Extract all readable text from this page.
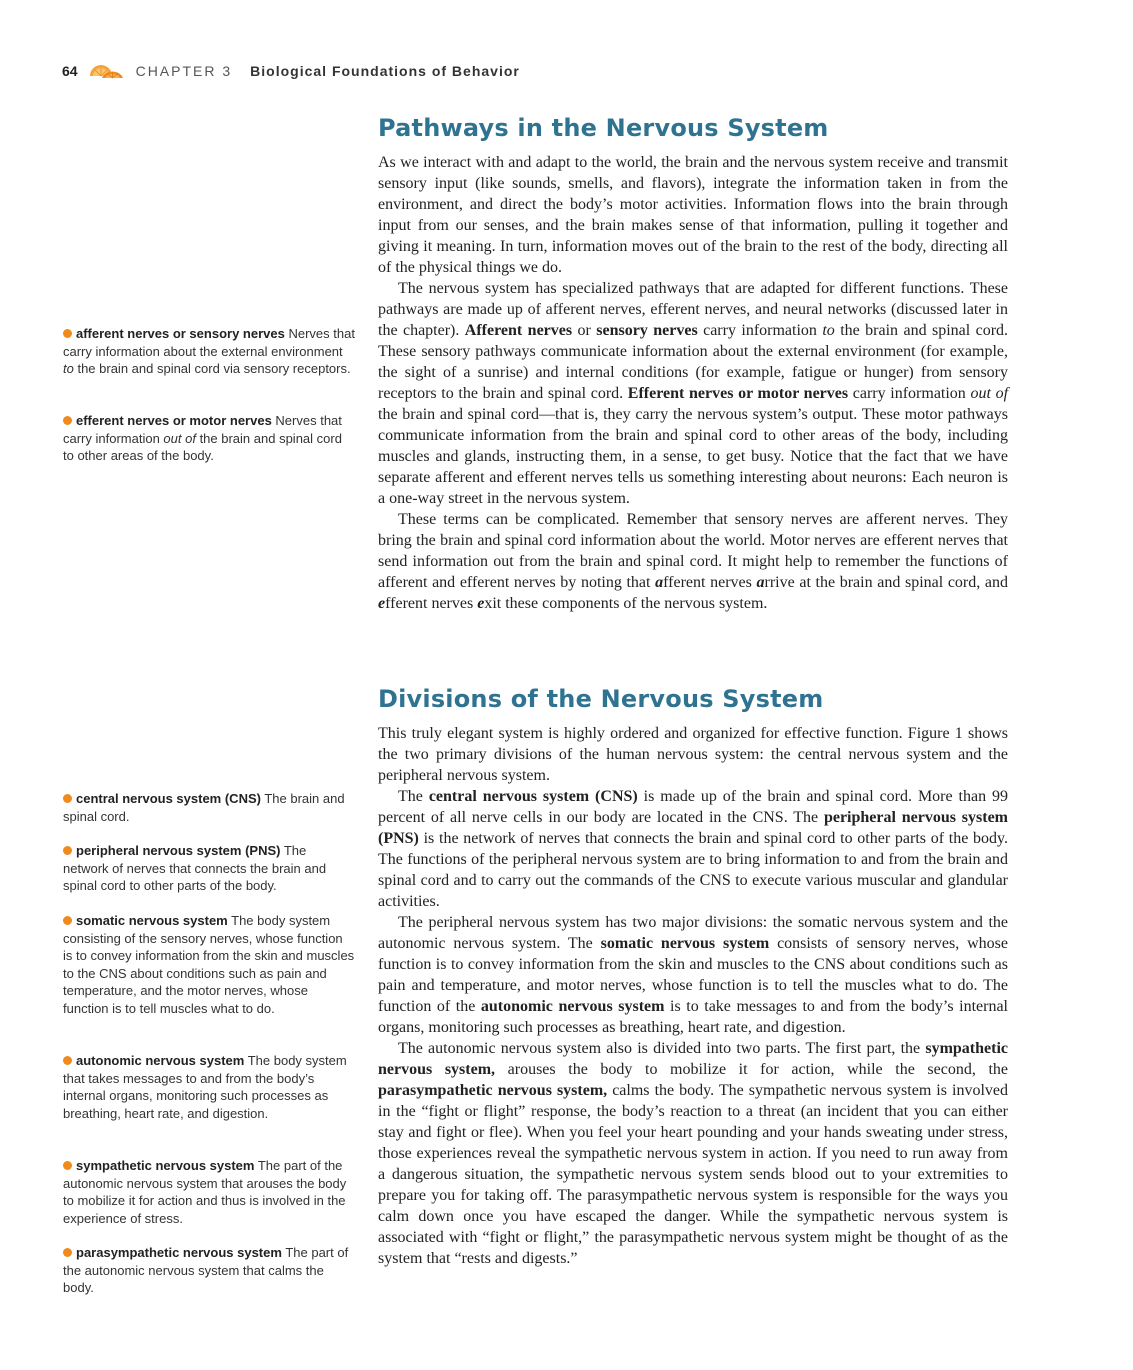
64	CHAPTER 3 Biological Foundations of Behavior
Pathways in the Nervous System

As we interact with and adapt to the world, the brain and the nervous system receive and transmit sensory input (like sounds, smells, and flavors), integrate the information taken in from the environment, and direct the body’s motor activities. Information flows into the brain through input from our senses, and the brain makes sense of that information, pulling it together and giving it meaning. In turn, information moves out of the brain to the rest of the body, directing all of the physical things we do.

The nervous system has specialized pathways that are adapted for different functions. These pathways are made up of afferent nerves, efferent nerves, and neural networks (discussed later in the chapter). Afferent nerves or sensory nerves carry information to the brain and spinal cord. These sensory pathways communicate information about the external environment (for example, the sight of a sunrise) and internal conditions (for example, fatigue or hunger) from sensory receptors to the brain and spinal cord. Efferent nerves or motor nerves carry information out of the brain and spinal cord—that is, they carry the nervous system’s output. These motor pathways communicate information from the brain and spinal cord to other areas of the body, including muscles and glands, instructing them, in a sense, to get busy. Notice that the fact that we have separate afferent and efferent nerves tells us something interesting about neurons: Each neuron is a one-way street in the nervous system.

These terms can be complicated. Remember that sensory nerves are afferent nerves. They bring the brain and spinal cord information about the world. Motor nerves are efferent nerves that send information out from the brain and spinal cord. It might help to remember the functions of afferent and efferent nerves by noting that afferent nerves arrive at the brain and spinal cord, and efferent nerves exit these components of the nervous system.

Divisions of the Nervous System

This truly elegant system is highly ordered and organized for effective function. Figure 1 shows the two primary divisions of the human nervous system: the central nervous system and the peripheral nervous system.

The central nervous system (CNS) is made up of the brain and spinal cord. More than 99 percent of all nerve cells in our body are located in the CNS. The peripheral nervous system (PNS) is the network of nerves that connects the brain and spinal cord to other parts of the body. The functions of the peripheral nervous system are to bring information to and from the brain and spinal cord and to carry out the commands of the CNS to execute various muscular and glandular activities.

The peripheral nervous system has two major divisions: the somatic nervous system and the autonomic nervous system. The somatic nervous system consists of sensory nerves, whose function is to convey information from the skin and muscles to the CNS about conditions such as pain and temperature, and motor nerves, whose function is to tell the muscles what to do. The function of the autonomic nervous system is to take messages to and from the body’s internal organs, monitoring such processes as breathing, heart rate, and digestion.

The autonomic nervous system also is divided into two parts. The first part, the sympathetic nervous system, arouses the body to mobilize it for action, while the second, the parasympathetic nervous system, calms the body. The sympathetic nervous system is involved in the “fight or flight” response, the body’s reaction to a threat (an incident that you can either stay and fight or flee). When you feel your heart pounding and your hands sweating under stress, those experiences reveal the sympathetic nervous system in action. If you need to run away from a dangerous situation, the sympathetic nervous system sends blood out to your extremities to prepare you for taking off. The parasympathetic nervous system is responsible for the ways you calm down once you have escaped the danger. While the sympathetic nervous system is associated with “fight or flight,” the parasympathetic nervous system might be thought of as the system that “rests and digests.”

afferent nerves or sensory nerves Nerves that carry information about the external environment to the brain and spinal cord via sensory receptors.
efferent nerves or motor nerves Nerves that carry information out of the brain and spinal cord to other areas of the body.
central nervous system (CNS) The brain and spinal cord.
peripheral nervous system (PNS) The network of nerves that connects the brain and spinal cord to other parts of the body.
somatic nervous system The body system consisting of the sensory nerves, whose function is to convey information from the skin and muscles to the CNS about conditions such as pain and temperature, and the motor nerves, whose function is to tell muscles what to do.
autonomic nervous system The body system that takes messages to and from the body’s internal organs, monitoring such processes as breathing, heart rate, and digestion.
sympathetic nervous system The part of the autonomic nervous system that arouses the body to mobilize it for action and thus is involved in the experience of stress.
parasympathetic nervous system The part of the autonomic nervous system that calms the body.
